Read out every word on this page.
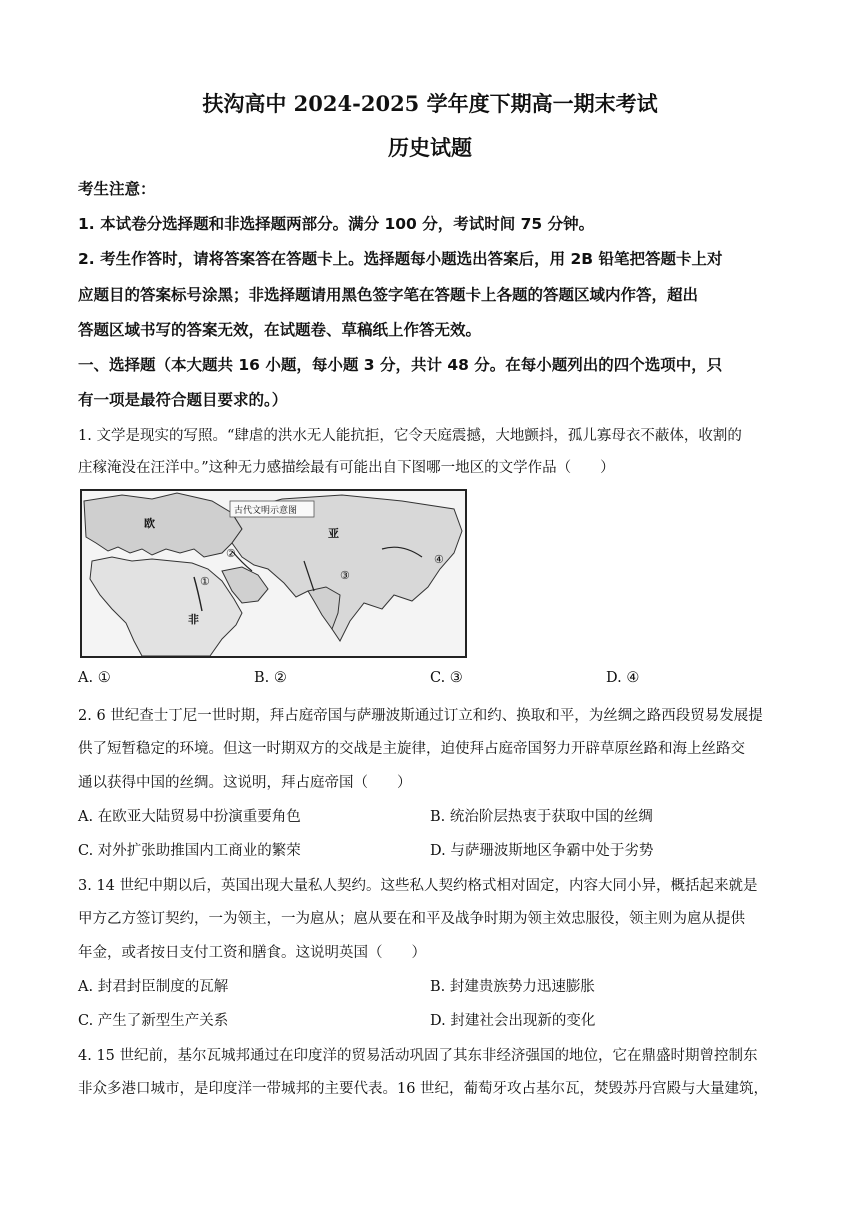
扶沟高中 2024-2025 学年度下期高一期末考试
历史试题
考生注意：
1. 本试卷分选择题和非选择题两部分。满分 100 分，考试时间 75 分钟。
2. 考生作答时，请将答案答在答题卡上。选择题每小题选出答案后，用 2B 铅笔把答题卡上对
应题目的答案标号涂黑；非选择题请用黑色签字笔在答题卡上各题的答题区域内作答，超出
答题区域书写的答案无效，在试题卷、草稿纸上作答无效。
一、选择题（本大题共 16 小题，每小题 3 分，共计 48 分。在每小题列出的四个选项中，只
有一项是最符合题目要求的。）
1. 文学是现实的写照。“肆虐的洪水无人能抗拒，它令天庭震撼，大地颤抖，孤儿寡母衣不蔽体，收割的
庄稼淹没在汪洋中。”这种无力感描绘最有可能出自下图哪一地区的文学作品（　　）
古代文明示意图
欧
亚
非
①
②
③
④
A. ①	B. ②	C. ③	D. ④
2. 6 世纪查士丁尼一世时期，拜占庭帝国与萨珊波斯通过订立和约、换取和平，为丝绸之路西段贸易发展提
供了短暂稳定的环境。但这一时期双方的交战是主旋律，迫使拜占庭帝国努力开辟草原丝路和海上丝路交
通以获得中国的丝绸。这说明，拜占庭帝国（　　）
A. 在欧亚大陆贸易中扮演重要角色	B. 统治阶层热衷于获取中国的丝绸
C. 对外扩张助推国内工商业的繁荣	D. 与萨珊波斯地区争霸中处于劣势
3. 14 世纪中期以后，英国出现大量私人契约。这些私人契约格式相对固定，内容大同小异，概括起来就是
甲方乙方签订契约，一为领主，一为扈从；扈从要在和平及战争时期为领主效忠服役，领主则为扈从提供
年金，或者按日支付工资和膳食。这说明英国（　　）
A. 封君封臣制度的瓦解	B. 封建贵族势力迅速膨胀
C. 产生了新型生产关系	D. 封建社会出现新的变化
4. 15 世纪前，基尔瓦城邦通过在印度洋的贸易活动巩固了其东非经济强国的地位，它在鼎盛时期曾控制东
非众多港口城市，是印度洋一带城邦的主要代表。16 世纪，葡萄牙攻占基尔瓦，焚毁苏丹宫殿与大量建筑，
